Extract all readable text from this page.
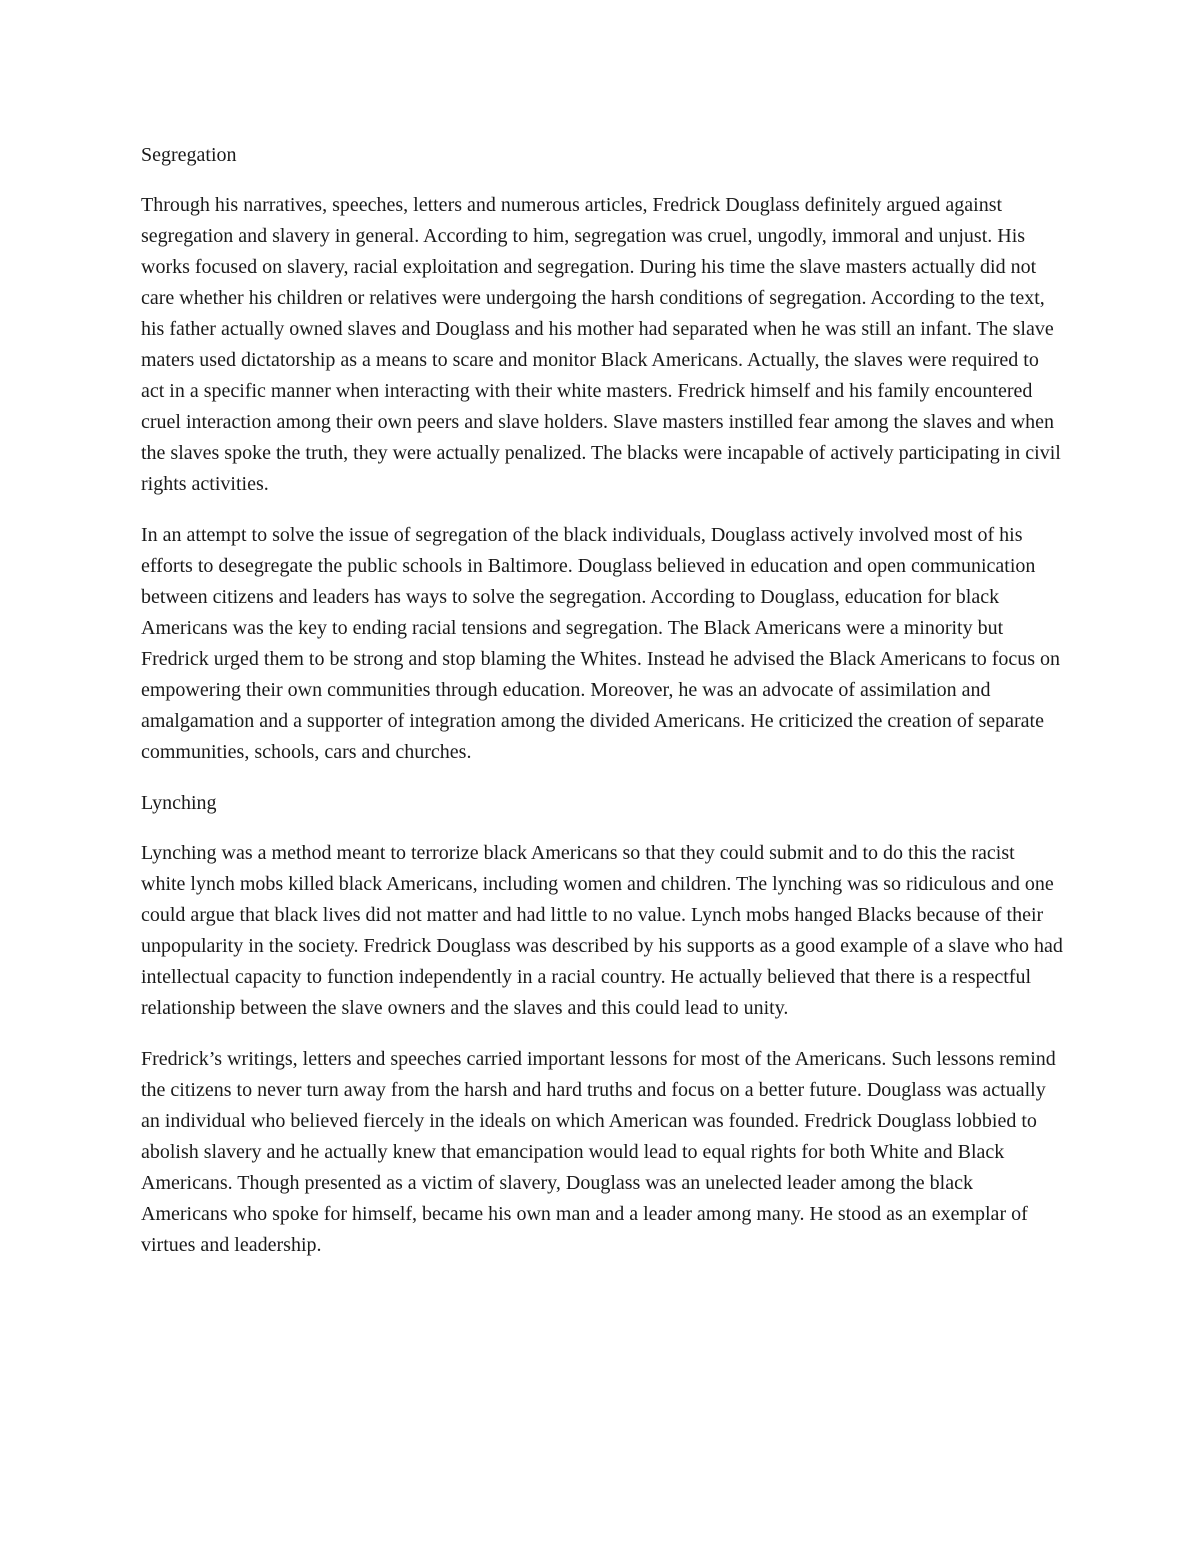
Segregation

Through his narratives, speeches, letters and numerous articles, Fredrick Douglass definitely argued against segregation and slavery in general. According to him, segregation was cruel, ungodly, immoral and unjust. His works focused on slavery, racial exploitation and segregation. During his time the slave masters actually did not care whether his children or relatives were undergoing the harsh conditions of segregation. According to the text, his father actually owned slaves and Douglass and his mother had separated when he was still an infant. The slave maters used dictatorship as a means to scare and monitor Black Americans. Actually, the slaves were required to act in a specific manner when interacting with their white masters. Fredrick himself and his family encountered cruel interaction among their own peers and slave holders. Slave masters instilled fear among the slaves and when the slaves spoke the truth, they were actually penalized. The blacks were incapable of actively participating in civil rights activities.

In an attempt to solve the issue of segregation of the black individuals, Douglass actively involved most of his efforts to desegregate the public schools in Baltimore. Douglass believed in education and open communication between citizens and leaders has ways to solve the segregation. According to Douglass, education for black Americans was the key to ending racial tensions and segregation. The Black Americans were a minority but Fredrick urged them to be strong and stop blaming the Whites. Instead he advised the Black Americans to focus on empowering their own communities through education. Moreover, he was an advocate of assimilation and amalgamation and a supporter of integration among the divided Americans. He criticized the creation of separate communities, schools, cars and churches.

Lynching

Lynching was a method meant to terrorize black Americans so that they could submit and to do this the racist white lynch mobs killed black Americans, including women and children. The lynching was so ridiculous and one could argue that black lives did not matter and had little to no value. Lynch mobs hanged Blacks because of their unpopularity in the society. Fredrick Douglass was described by his supports as a good example of a slave who had intellectual capacity to function independently in a racial country. He actually believed that there is a respectful relationship between the slave owners and the slaves and this could lead to unity.

Fredrick’s writings, letters and speeches carried important lessons for most of the Americans. Such lessons remind the citizens to never turn away from the harsh and hard truths and focus on a better future. Douglass was actually an individual who believed fiercely in the ideals on which American was founded. Fredrick Douglass lobbied to abolish slavery and he actually knew that emancipation would lead to equal rights for both White and Black Americans. Though presented as a victim of slavery, Douglass was an unelected leader among the black Americans who spoke for himself, became his own man and a leader among many. He stood as an exemplar of virtues and leadership.
